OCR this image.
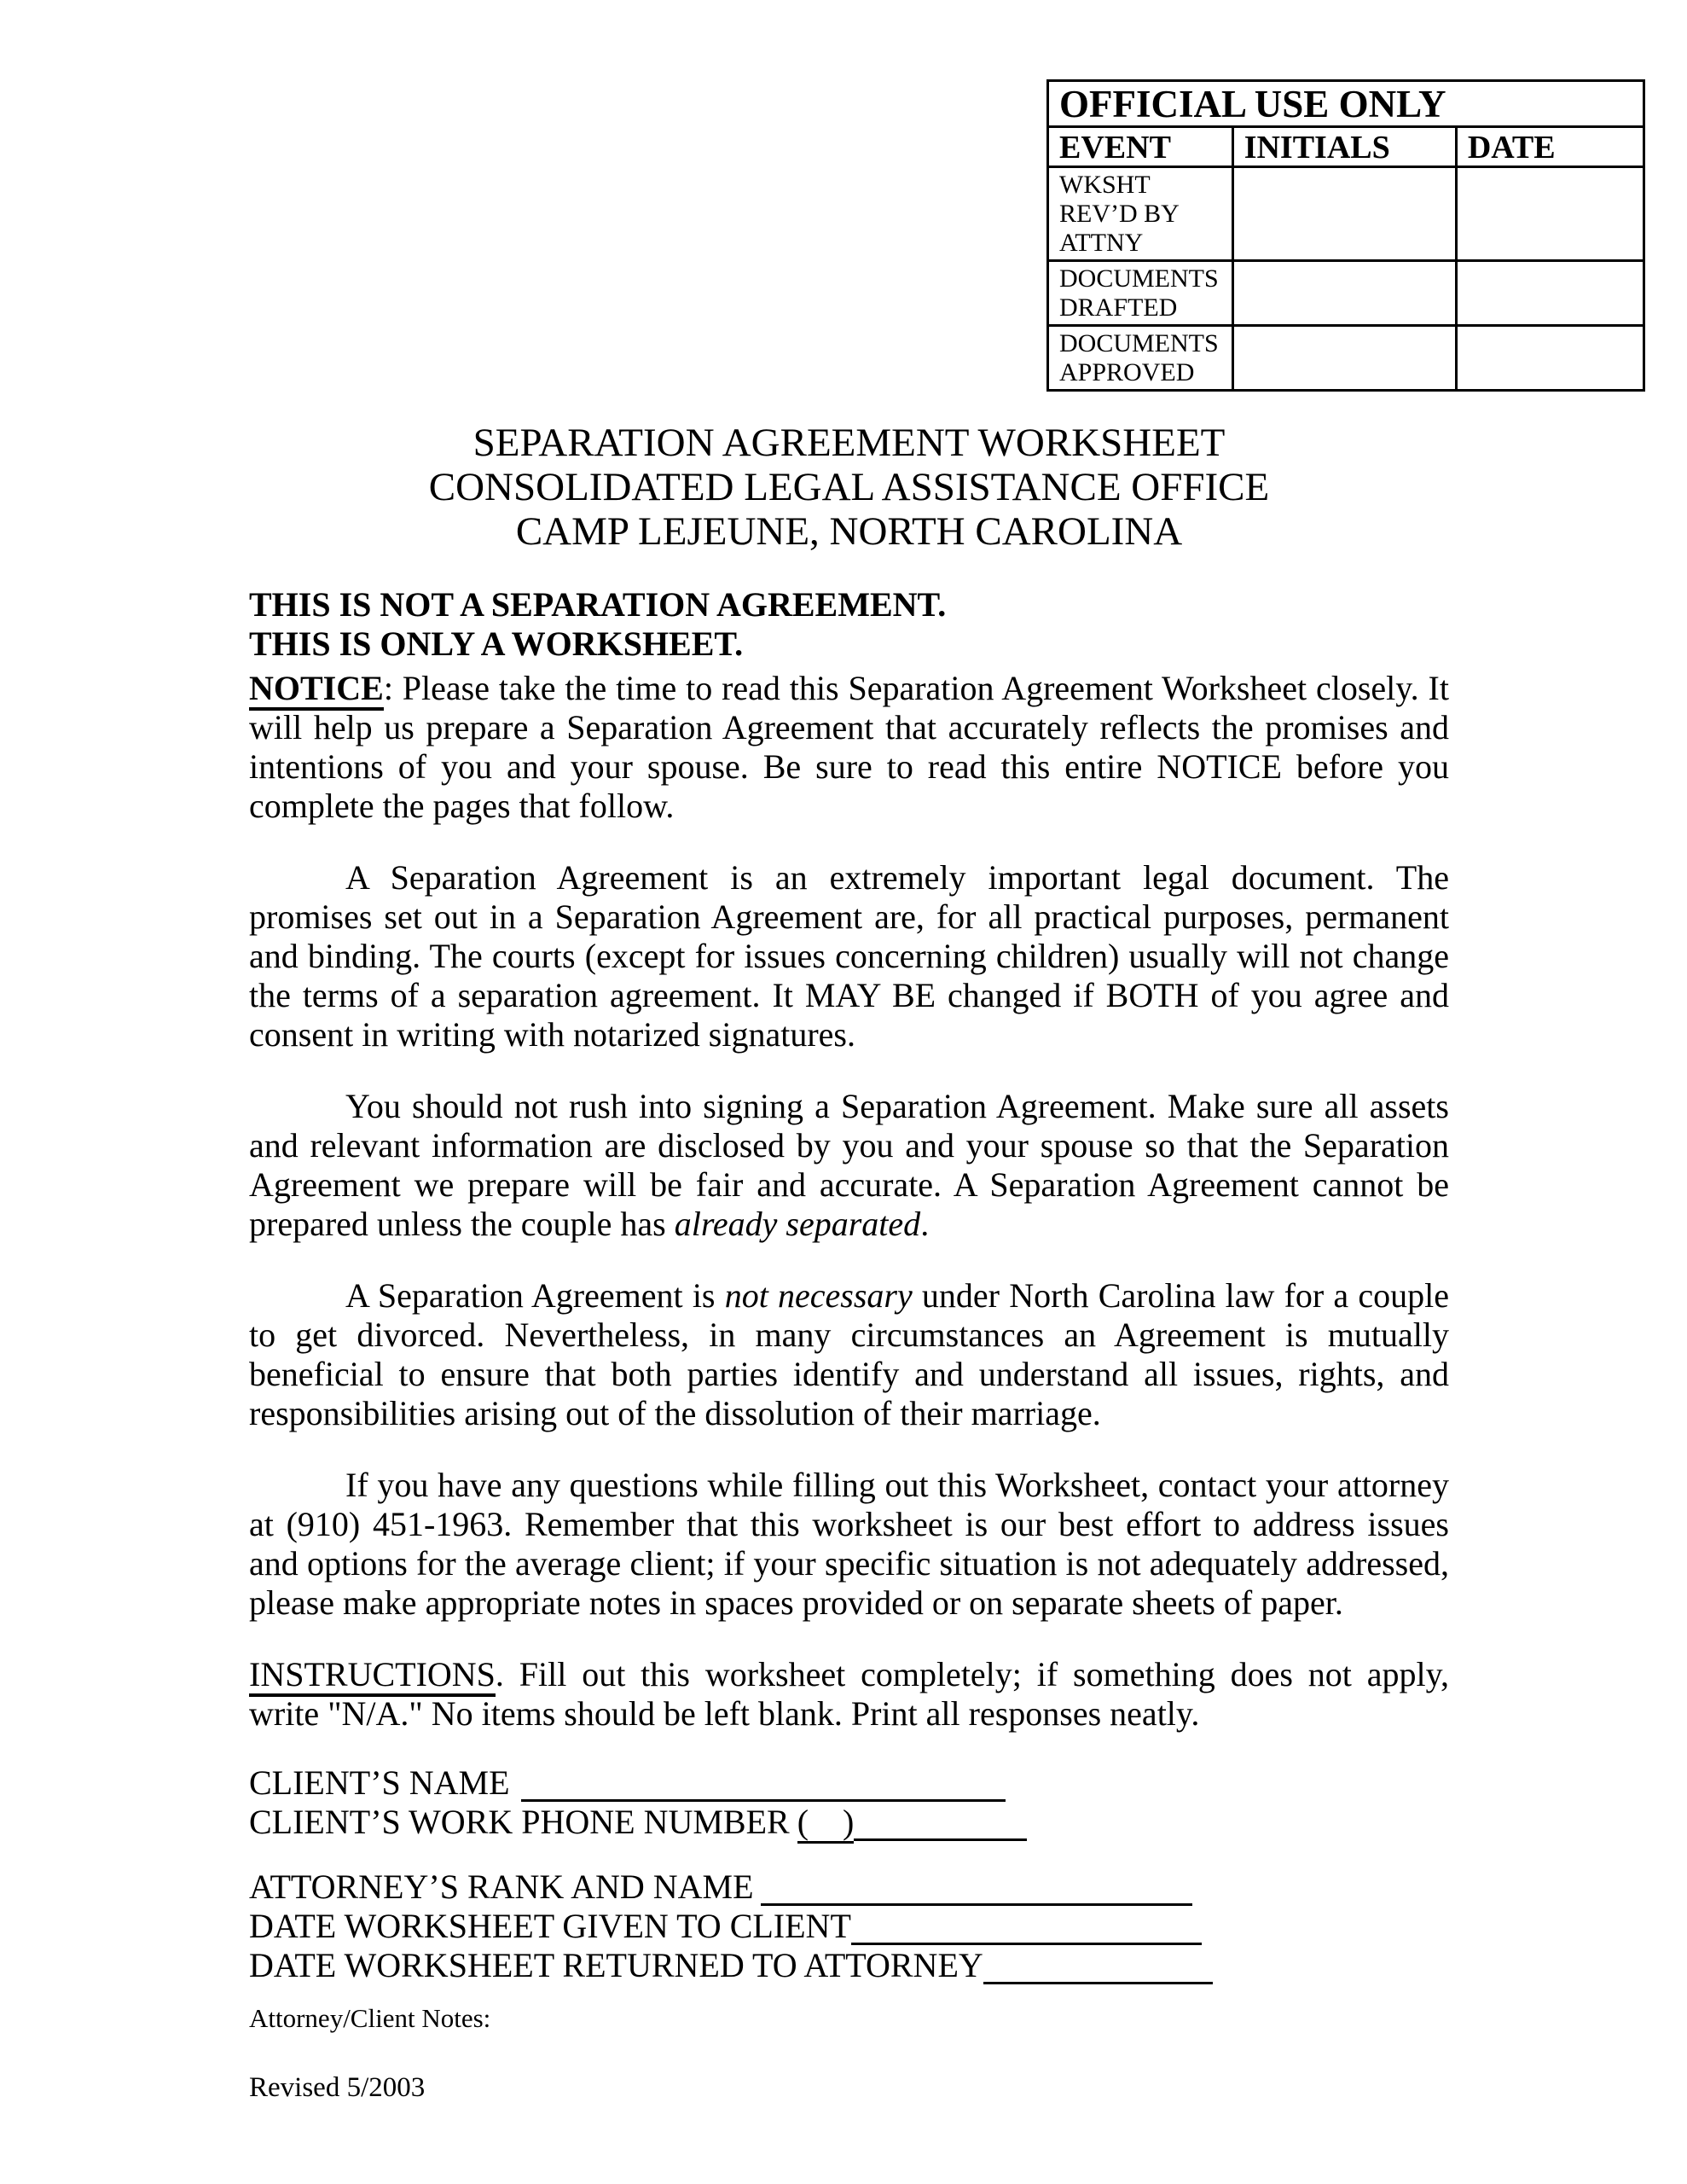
OFFICIAL USE ONLY		
EVENT	INITIALS	DATE
WKSHT REV’D BY ATTNY		
DOCUMENTS DRAFTED		
DOCUMENTS APPROVED		
SEPARATION AGREEMENT WORKSHEET
CONSOLIDATED LEGAL ASSISTANCE OFFICE
CAMP LEJEUNE, NORTH CAROLINA
THIS IS NOT A SEPARATION AGREEMENT.
THIS IS ONLY A WORKSHEET.

NOTICE: Please take the time to read this Separation Agreement Worksheet closely. It will help us prepare a Separation Agreement that accurately reflects the promises and intentions of you and your spouse. Be sure to read this entire NOTICE before you complete the pages that follow.

A Separation Agreement is an extremely important legal document. The promises set out in a Separation Agreement are, for all practical purposes, permanent and binding. The courts (except for issues concerning children) usually will not change the terms of a separation agreement. It MAY BE changed if BOTH of you agree and consent in writing with notarized signatures.

You should not rush into signing a Separation Agreement. Make sure all assets and relevant information are disclosed by you and your spouse so that the Separation Agreement we prepare will be fair and accurate. A Separation Agreement cannot be prepared unless the couple has already separated.

A Separation Agreement is not necessary under North Carolina law for a couple to get divorced. Nevertheless, in many circumstances an Agreement is mutually beneficial to ensure that both parties identify and understand all issues, rights, and responsibilities arising out of the dissolution of their marriage.

If you have any questions while filling out this Worksheet, contact your attorney at (910) 451-1963. Remember that this worksheet is our best effort to address issues and options for the average client; if your specific situation is not adequately addressed, please make appropriate notes in spaces provided or on separate sheets of paper.

INSTRUCTIONS. Fill out this worksheet completely; if something does not apply, write "N/A." No items should be left blank. Print all responses neatly.

CLIENT’S NAME
CLIENT’S WORK PHONE NUMBER (    )
ATTORNEY’S RANK AND NAME
DATE WORKSHEET GIVEN TO CLIENT
DATE WORKSHEET RETURNED TO ATTORNEY
Attorney/Client Notes:
Revised 5/2003
